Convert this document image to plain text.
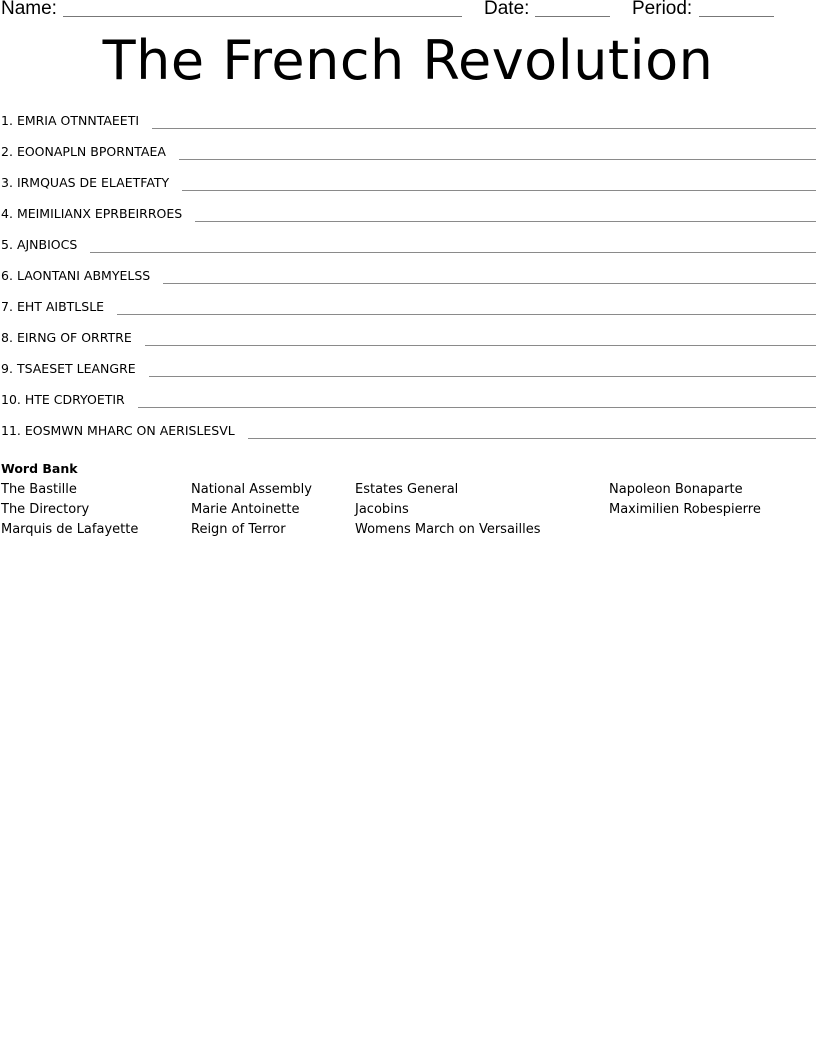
Name:	Date:	Period:
The French Revolution
1. EMRIA OTNNTAEETI
2. EOONAPLN BPORNTAEA
3. IRMQUAS DE ELAETFATY
4. MEIMILIANX EPRBEIRROES
5. AJNBIOCS
6. LAONTANI ABMYELSS
7. EHT AIBTLSLE
8. EIRNG OF ORRTRE
9. TSAESET LEANGRE
10. HTE CDRYOETIR
11. EOSMWN MHARC ON AERISLESVL
Word Bank
The Bastille
The Directory
Marquis de Lafayette
National Assembly
Marie Antoinette
Reign of Terror
Estates General
Jacobins
Womens March on Versailles
Napoleon Bonaparte
Maximilien Robespierre
